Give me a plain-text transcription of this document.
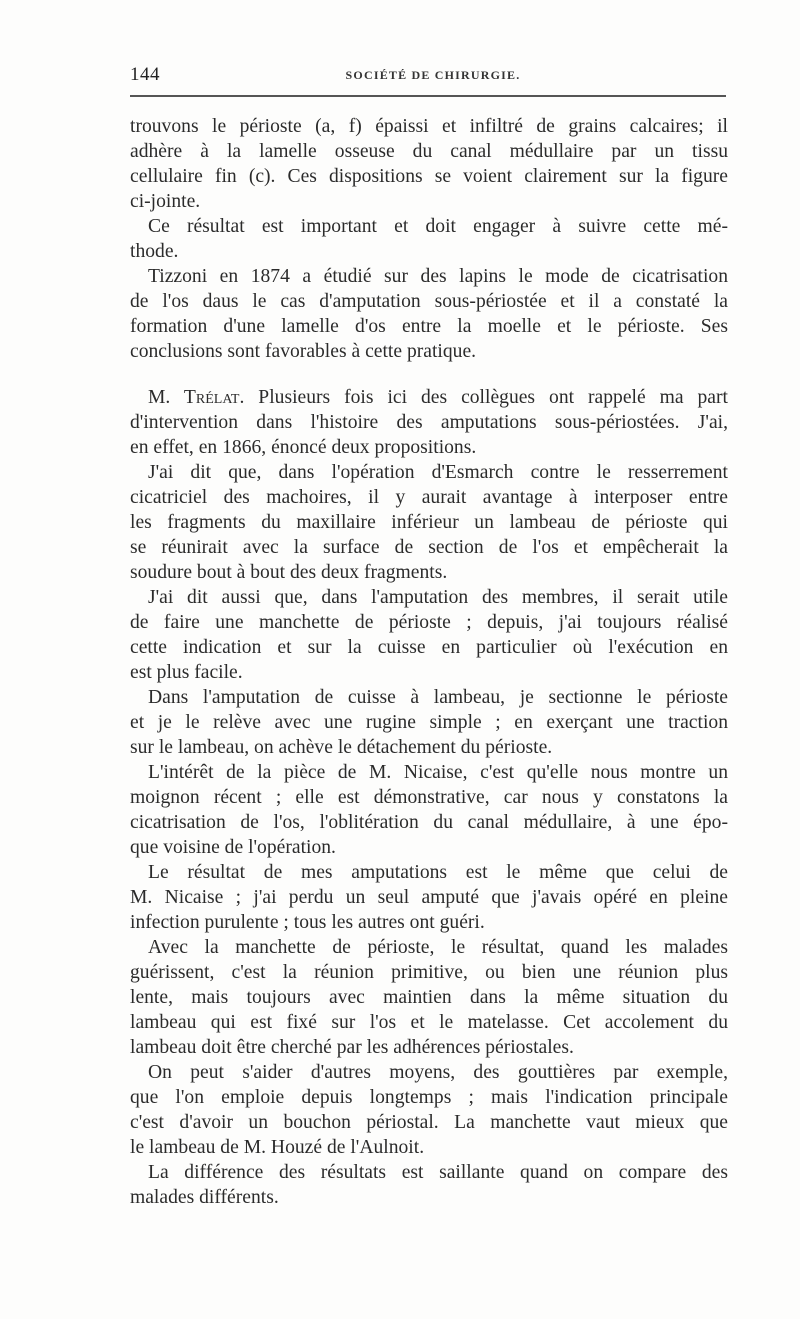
144	SOCIÉTÉ DE CHIRURGIE.
trouvons le périoste (a, f) épaissi et infiltré de grains calcaires; il
adhère à la lamelle osseuse du canal médullaire par un tissu
cellulaire fin (c). Ces dispositions se voient clairement sur la figure
ci-jointe.
Ce résultat est important et doit engager à suivre cette mé-
thode.
Tizzoni en 1874 a étudié sur des lapins le mode de cicatrisation
de l'os daus le cas d'amputation sous-périostée et il a constaté la
formation d'une lamelle d'os entre la moelle et le périoste. Ses
conclusions sont favorables à cette pratique.
M. Trélat. Plusieurs fois ici des collègues ont rappelé ma part
d'intervention dans l'histoire des amputations sous-périostées. J'ai,
en effet, en 1866, énoncé deux propositions.
J'ai dit que, dans l'opération d'Esmarch contre le resserrement
cicatriciel des machoires, il y aurait avantage à interposer entre
les fragments du maxillaire inférieur un lambeau de périoste qui
se réunirait avec la surface de section de l'os et empêcherait la
soudure bout à bout des deux fragments.
J'ai dit aussi que, dans l'amputation des membres, il serait utile
de faire une manchette de périoste ; depuis, j'ai toujours réalisé
cette indication et sur la cuisse en particulier où l'exécution en
est plus facile.
Dans l'amputation de cuisse à lambeau, je sectionne le périoste
et je le relève avec une rugine simple ; en exerçant une traction
sur le lambeau, on achève le détachement du périoste.
L'intérêt de la pièce de M. Nicaise, c'est qu'elle nous montre un
moignon récent ; elle est démonstrative, car nous y constatons la
cicatrisation de l'os, l'oblitération du canal médullaire, à une épo-
que voisine de l'opération.
Le résultat de mes amputations est le même que celui de
M. Nicaise ; j'ai perdu un seul amputé que j'avais opéré en pleine
infection purulente ; tous les autres ont guéri.
Avec la manchette de périoste, le résultat, quand les malades
guérissent, c'est la réunion primitive, ou bien une réunion plus
lente, mais toujours avec maintien dans la même situation du
lambeau qui est fixé sur l'os et le matelasse. Cet accolement du
lambeau doit être cherché par les adhérences périostales.
On peut s'aider d'autres moyens, des gouttières par exemple,
que l'on emploie depuis longtemps ; mais l'indication principale
c'est d'avoir un bouchon périostal. La manchette vaut mieux que
le lambeau de M. Houzé de l'Aulnoit.
La différence des résultats est saillante quand on compare des
malades différents.
